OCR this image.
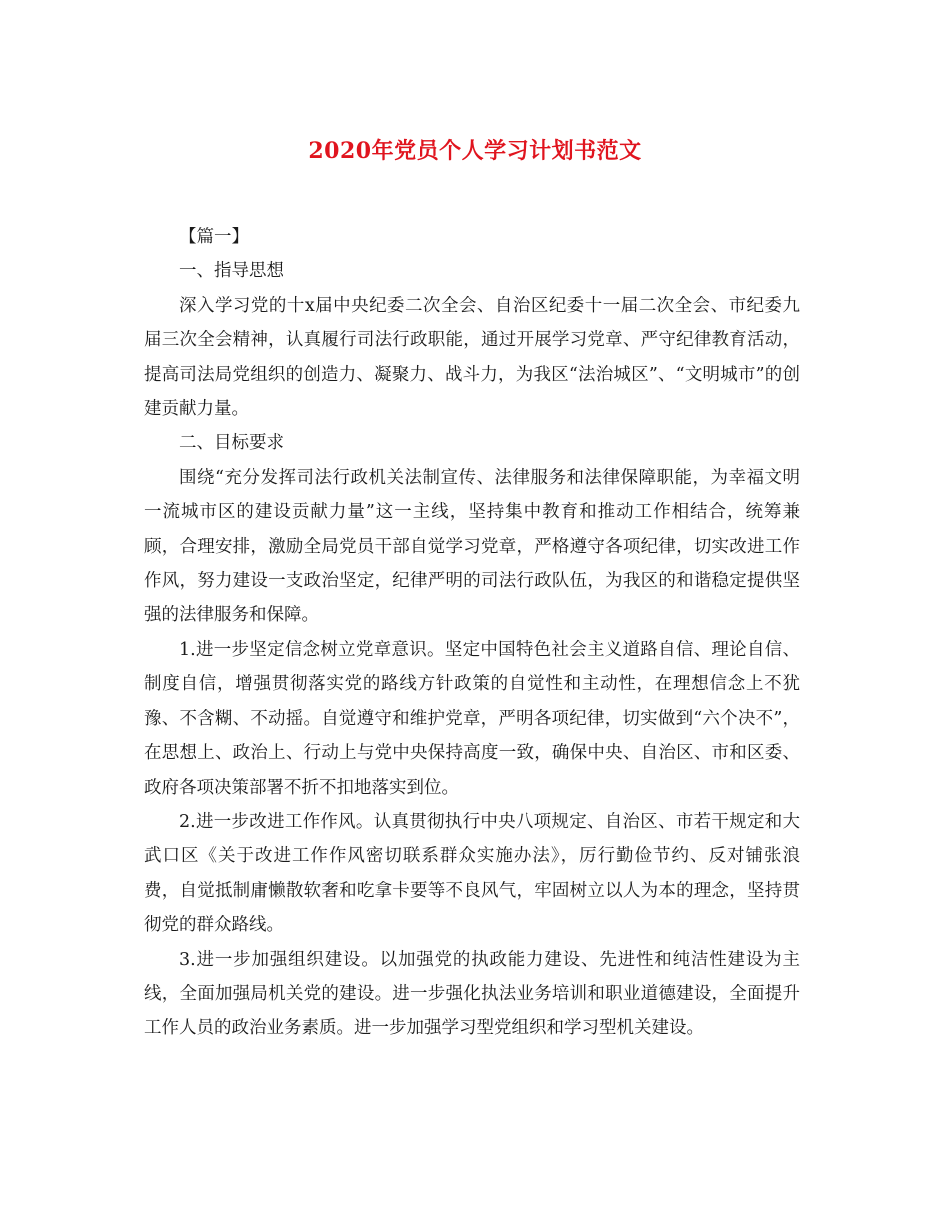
2020年党员个人学习计划书范文

【篇一】

一、指导思想

深入学习党的十x届中央纪委二次全会、自治区纪委十一届二次全会、市纪委九届三次全会精神，认真履行司法行政职能，通过开展学习党章、严守纪律教育活动，提高司法局党组织的创造力、凝聚力、战斗力，为我区“法治城区”、“文明城市”的创建贡献力量。

二、目标要求

围绕“充分发挥司法行政机关法制宣传、法律服务和法律保障职能，为幸福文明一流城市区的建设贡献力量”这一主线，坚持集中教育和推动工作相结合，统筹兼顾，合理安排，激励全局党员干部自觉学习党章，严格遵守各项纪律，切实改进工作作风，努力建设一支政治坚定，纪律严明的司法行政队伍，为我区的和谐稳定提供坚强的法律服务和保障。

1.进一步坚定信念树立党章意识。坚定中国特色社会主义道路自信、理论自信、制度自信，增强贯彻落实党的路线方针政策的自觉性和主动性，在理想信念上不犹豫、不含糊、不动摇。自觉遵守和维护党章，严明各项纪律，切实做到“六个决不”，在思想上、政治上、行动上与党中央保持高度一致，确保中央、自治区、市和区委、政府各项决策部署不折不扣地落实到位。

2.进一步改进工作作风。认真贯彻执行中央八项规定、自治区、市若干规定和大武口区《关于改进工作作风密切联系群众实施办法》，厉行勤俭节约、反对铺张浪费，自觉抵制庸懒散软奢和吃拿卡要等不良风气，牢固树立以人为本的理念，坚持贯彻党的群众路线。

3.进一步加强组织建设。以加强党的执政能力建设、先进性和纯洁性建设为主线，全面加强局机关党的建设。进一步强化执法业务培训和职业道德建设，全面提升工作人员的政治业务素质。进一步加强学习型党组织和学习型机关建设。
